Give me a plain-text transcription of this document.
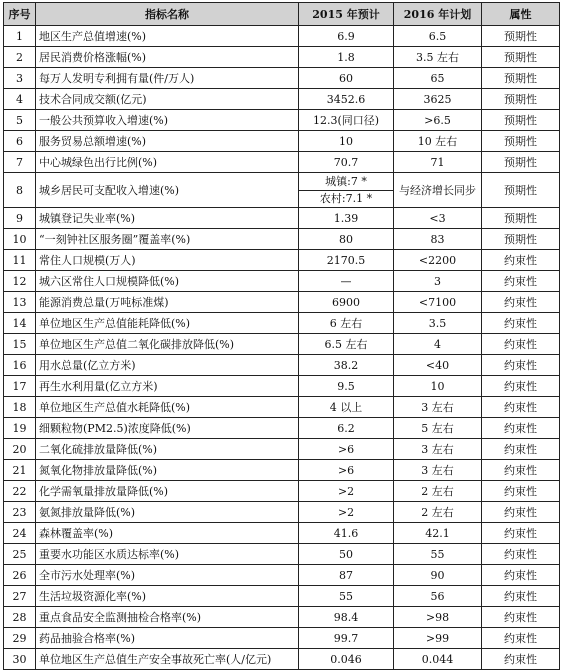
序号	指标名称	2015 年预计	2016 年计划	属性
1	地区生产总值增速(%)	6.9	6.5	预期性
2	居民消费价格涨幅(%)	1.8	3.5 左右	预期性
3	每万人发明专利拥有量(件/万人)	60	65	预期性
4	技术合同成交额(亿元)	3452.6	3625	预期性
5	一般公共预算收入增速(%)	12.3(同口径)	>6.5	预期性
6	服务贸易总额增速(%)	10	10 左右	预期性
7	中心城绿色出行比例(%)	70.7	71	预期性
8	城乡居民可支配收入增速(%)	城镇:7 *
农村:7.1 *	与经济增长同步	预期性
9	城镇登记失业率(%)	1.39	<3	预期性
10	“一刻钟社区服务圈”覆盖率(%)	80	83	预期性
11	常住人口规模(万人)	2170.5	<2200	约束性
12	城六区常住人口规模降低(%)	—	3	约束性
13	能源消费总量(万吨标准煤)	6900	<7100	约束性
14	单位地区生产总值能耗降低(%)	6 左右	3.5	约束性
15	单位地区生产总值二氧化碳排放降低(%)	6.5 左右	4	约束性
16	用水总量(亿立方米)	38.2	<40	约束性
17	再生水利用量(亿立方米)	9.5	10	约束性
18	单位地区生产总值水耗降低(%)	4 以上	3 左右	约束性
19	细颗粒物(PM2.5)浓度降低(%)	6.2	5 左右	约束性
20	二氧化硫排放量降低(%)	>6	3 左右	约束性
21	氮氧化物排放量降低(%)	>6	3 左右	约束性
22	化学需氧量排放量降低(%)	>2	2 左右	约束性
23	氨氮排放量降低(%)	>2	2 左右	约束性
24	森林覆盖率(%)	41.6	42.1	约束性
25	重要水功能区水质达标率(%)	50	55	约束性
26	全市污水处理率(%)	87	90	约束性
27	生活垃圾资源化率(%)	55	56	约束性
28	重点食品安全监测抽检合格率(%)	98.4	>98	约束性
29	药品抽验合格率(%)	99.7	>99	约束性
30	单位地区生产总值生产安全事故死亡率(人/亿元)	0.046	0.044	约束性
